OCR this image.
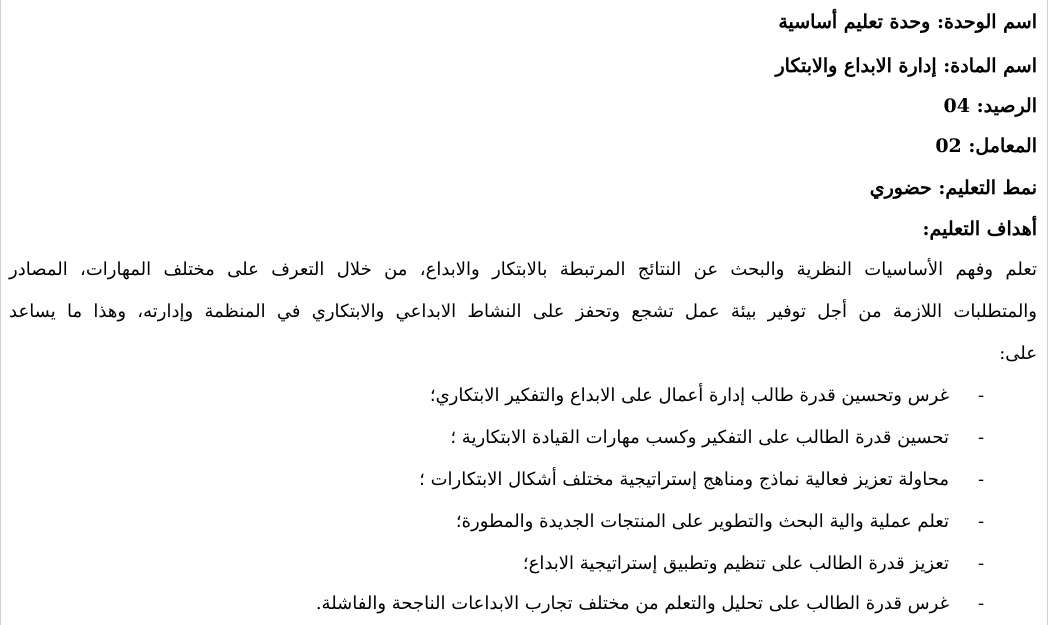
اسم الوحدة: وحدة تعليم أساسية
اسم المادة: إدارة الابداع والابتكار
الرصيد: 04
المعامل: 02
نمط التعليم: حضوري
أهداف التعليم:
تعلم وفهم الأساسيات النظرية والبحث عن النتائج المرتبطة بالابتكار والابداع، من خلال التعرف على مختلف المهارات، المصادر
والمتطلبات اللازمة من أجل توفير بيئة عمل تشجع وتحفز على النشاط الابداعي والابتكاري في المنظمة وإدارته، وهذا ما يساعد
على:
-
غرس وتحسين قدرة طالب إدارة أعمال على الابداع والتفكير الابتكاري؛
-
تحسين قدرة الطالب على التفكير وكسب مهارات القيادة الابتكارية ؛
-
محاولة تعزيز فعالية نماذج ومناهج إستراتيجية مختلف أشكال الابتكارات ؛
-
تعلم عملية والية البحث والتطوير على المنتجات الجديدة والمطورة؛
-
تعزيز قدرة الطالب على تنظيم وتطبيق إستراتيجية الابداع؛
-
غرس قدرة الطالب على تحليل والتعلم من مختلف تجارب الابداعات الناجحة والفاشلة.
